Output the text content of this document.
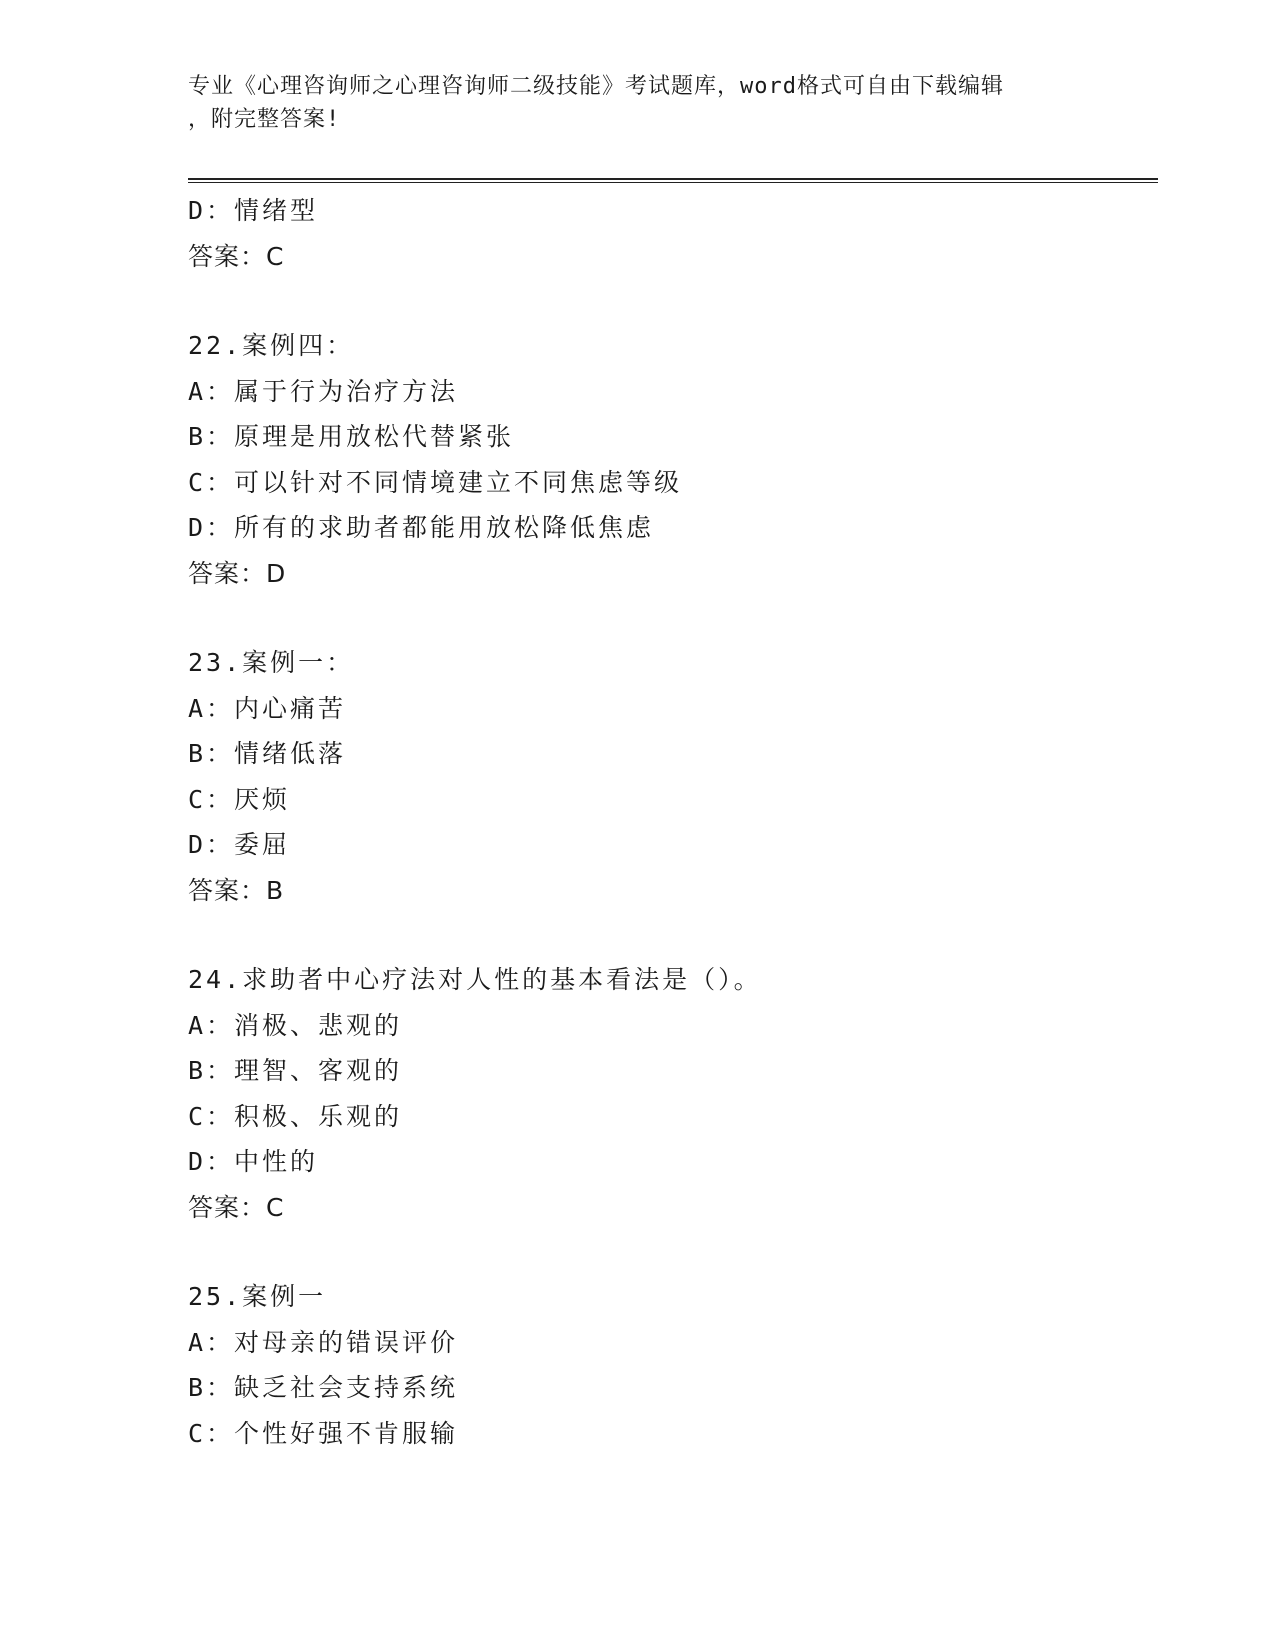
专业《心理咨询师之心理咨询师二级技能》考试题库，word格式可自由下载编辑
，附完整答案!
D：情绪型
答案：C
22.案例四：
A：属于行为治疗方法
B：原理是用放松代替紧张
C：可以针对不同情境建立不同焦虑等级
D：所有的求助者都能用放松降低焦虑
答案：D
23.案例一：
A：内心痛苦
B：情绪低落
C：厌烦
D：委屈
答案：B
24.求助者中心疗法对人性的基本看法是（）。
A：消极、悲观的
B：理智、客观的
C：积极、乐观的
D：中性的
答案：C
25.案例一
A：对母亲的错误评价
B：缺乏社会支持系统
C：个性好强不肯服输
